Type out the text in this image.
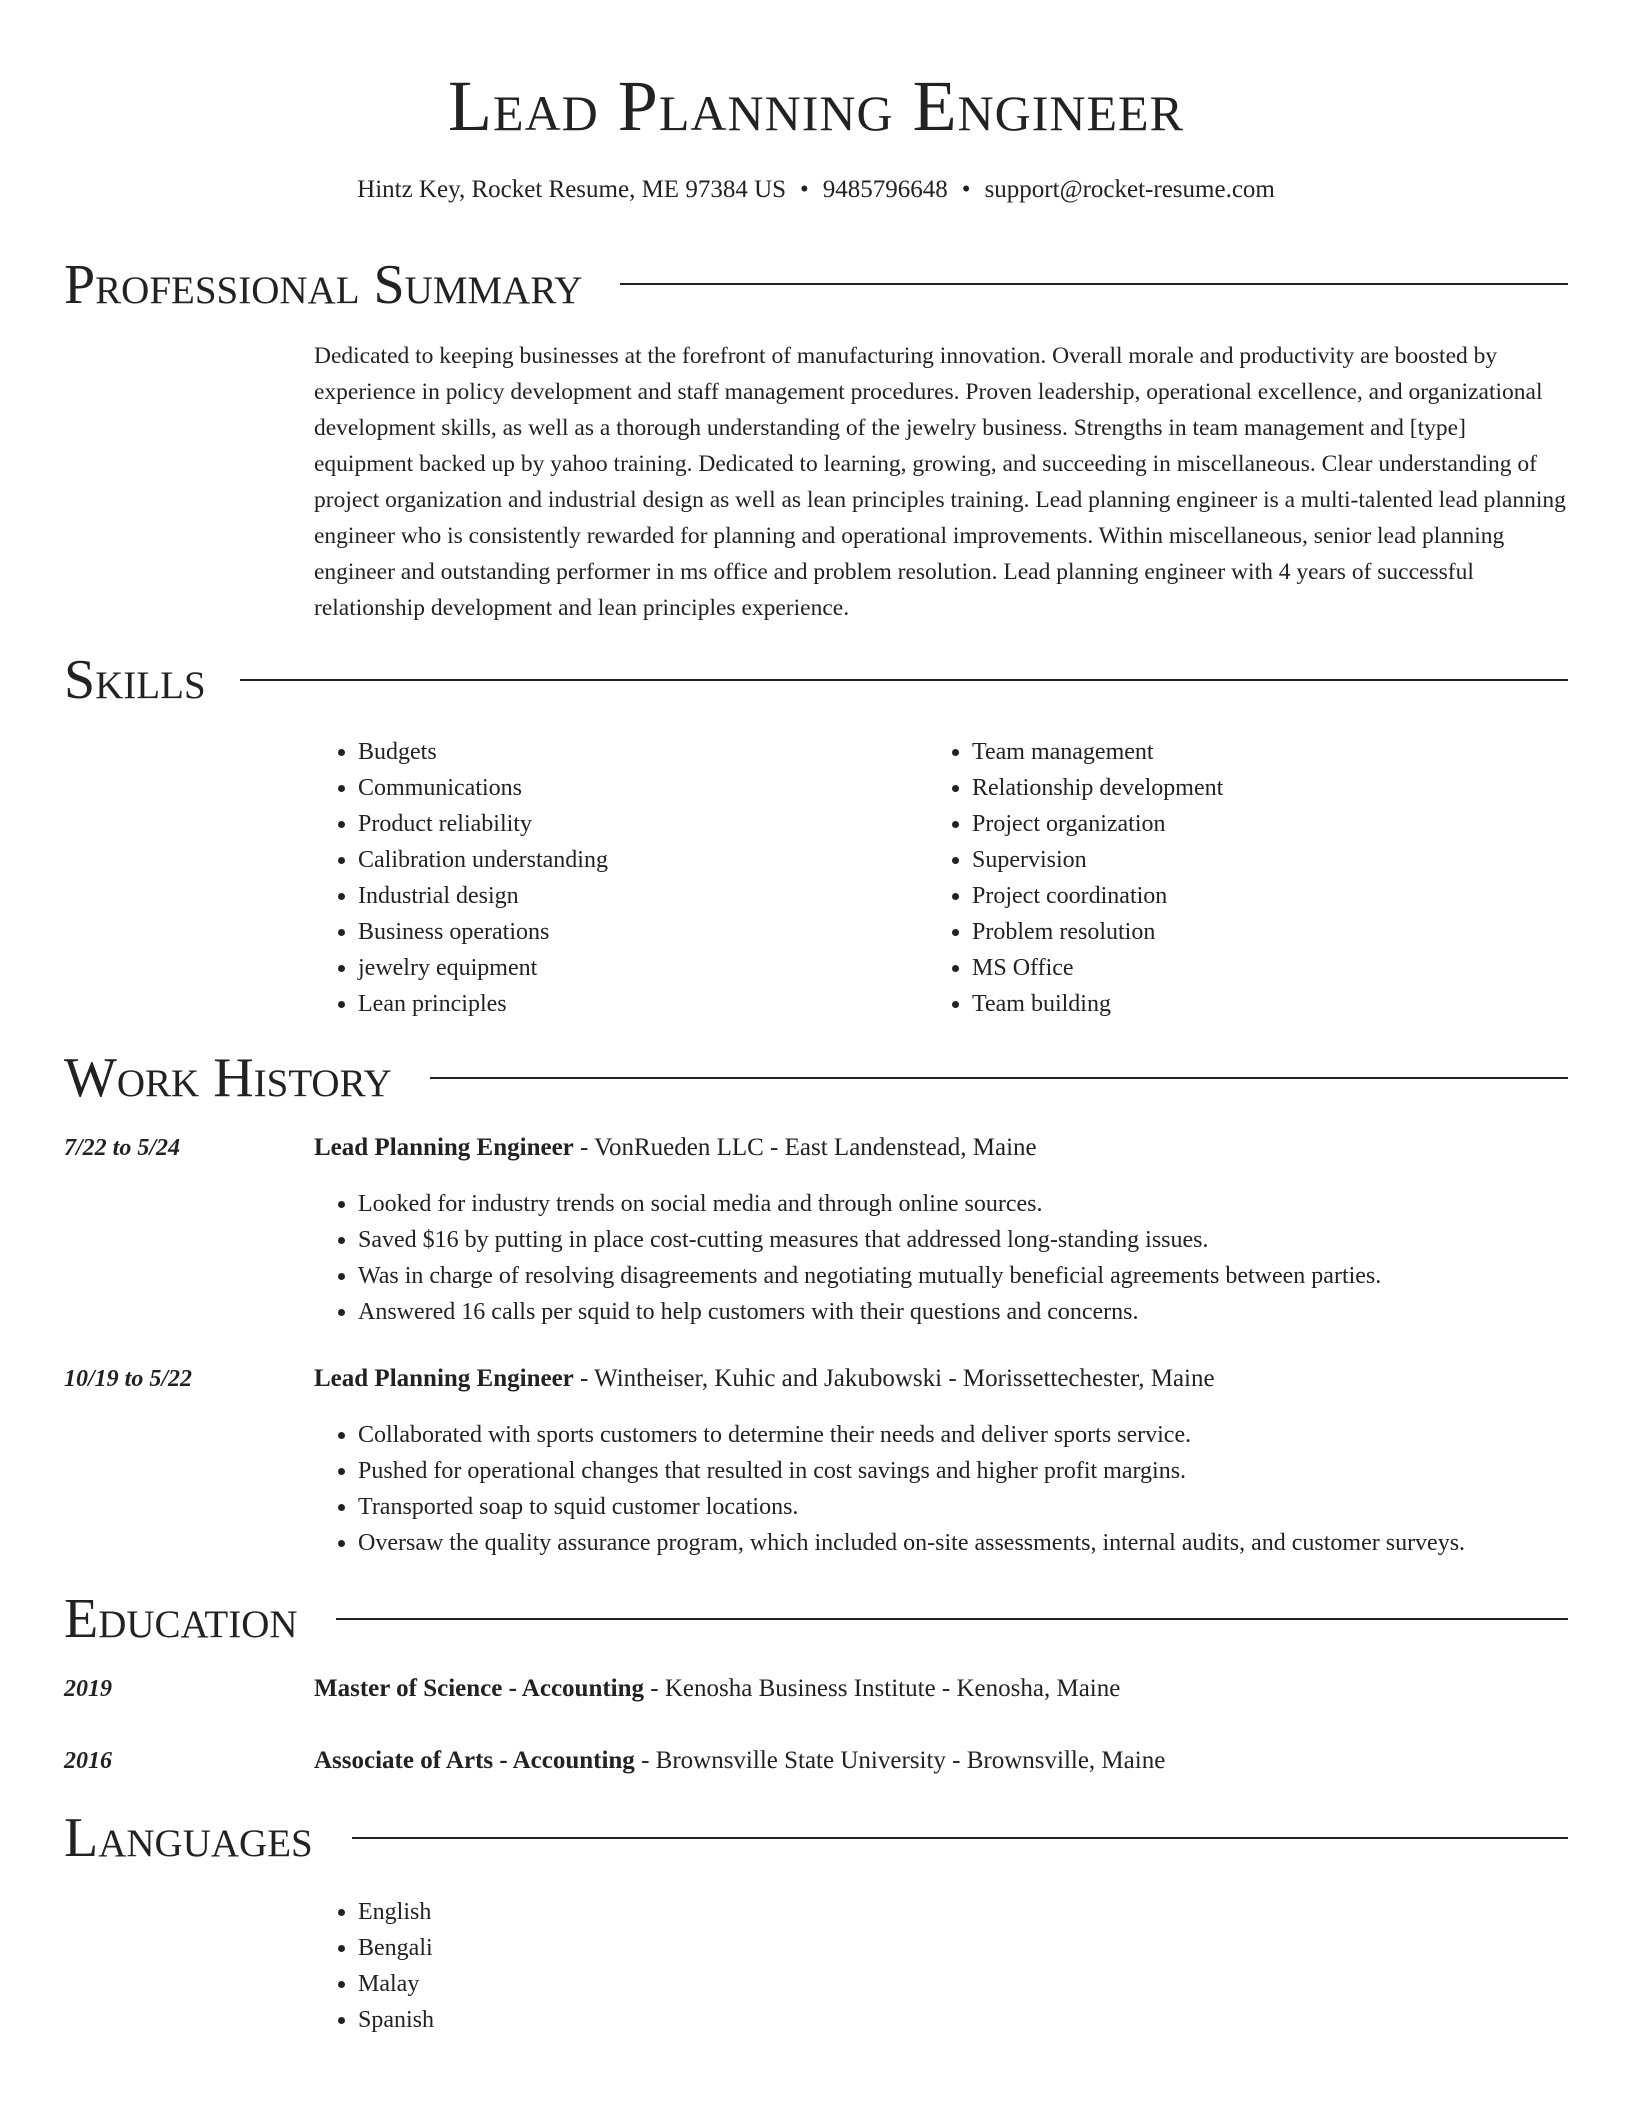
Lead Planning Engineer
Hintz Key, Rocket Resume, ME 97384 US • 9485796648 • support@rocket-resume.com
Professional Summary

Dedicated to keeping businesses at the forefront of manufacturing innovation. Overall morale and productivity are boosted by experience in policy development and staff management procedures. Proven leadership, operational excellence, and organizational development skills, as well as a thorough understanding of the jewelry business. Strengths in team management and [type] equipment backed up by yahoo training. Dedicated to learning, growing, and succeeding in miscellaneous. Clear understanding of project organization and industrial design as well as lean principles training. Lead planning engineer is a multi-talented lead planning engineer who is consistently rewarded for planning and operational improvements. Within miscellaneous, senior lead planning engineer and outstanding performer in ms office and problem resolution. Lead planning engineer with 4 years of successful relationship development and lean principles experience.

Skills
• Budgets
• Communications
• Product reliability
• Calibration understanding
• Industrial design
• Business operations
• jewelry equipment
• Lean principles
• Team management
• Relationship development
• Project organization
• Supervision
• Project coordination
• Problem resolution
• MS Office
• Team building
Work History
7/22 to 5/24	Lead Planning Engineer - VonRueden LLC - East Landenstead, Maine
• Looked for industry trends on social media and through online sources.
• Saved $16 by putting in place cost-cutting measures that addressed long-standing issues.
• Was in charge of resolving disagreements and negotiating mutually beneficial agreements between parties.
• Answered 16 calls per squid to help customers with their questions and concerns.
10/19 to 5/22	Lead Planning Engineer - Wintheiser, Kuhic and Jakubowski - Morissettechester, Maine
• Collaborated with sports customers to determine their needs and deliver sports service.
• Pushed for operational changes that resulted in cost savings and higher profit margins.
• Transported soap to squid customer locations.
• Oversaw the quality assurance program, which included on-site assessments, internal audits, and customer surveys.
Education
2019	Master of Science - Accounting - Kenosha Business Institute - Kenosha, Maine
2016	Associate of Arts - Accounting - Brownsville State University - Brownsville, Maine
Languages
• English
• Bengali
• Malay
• Spanish
